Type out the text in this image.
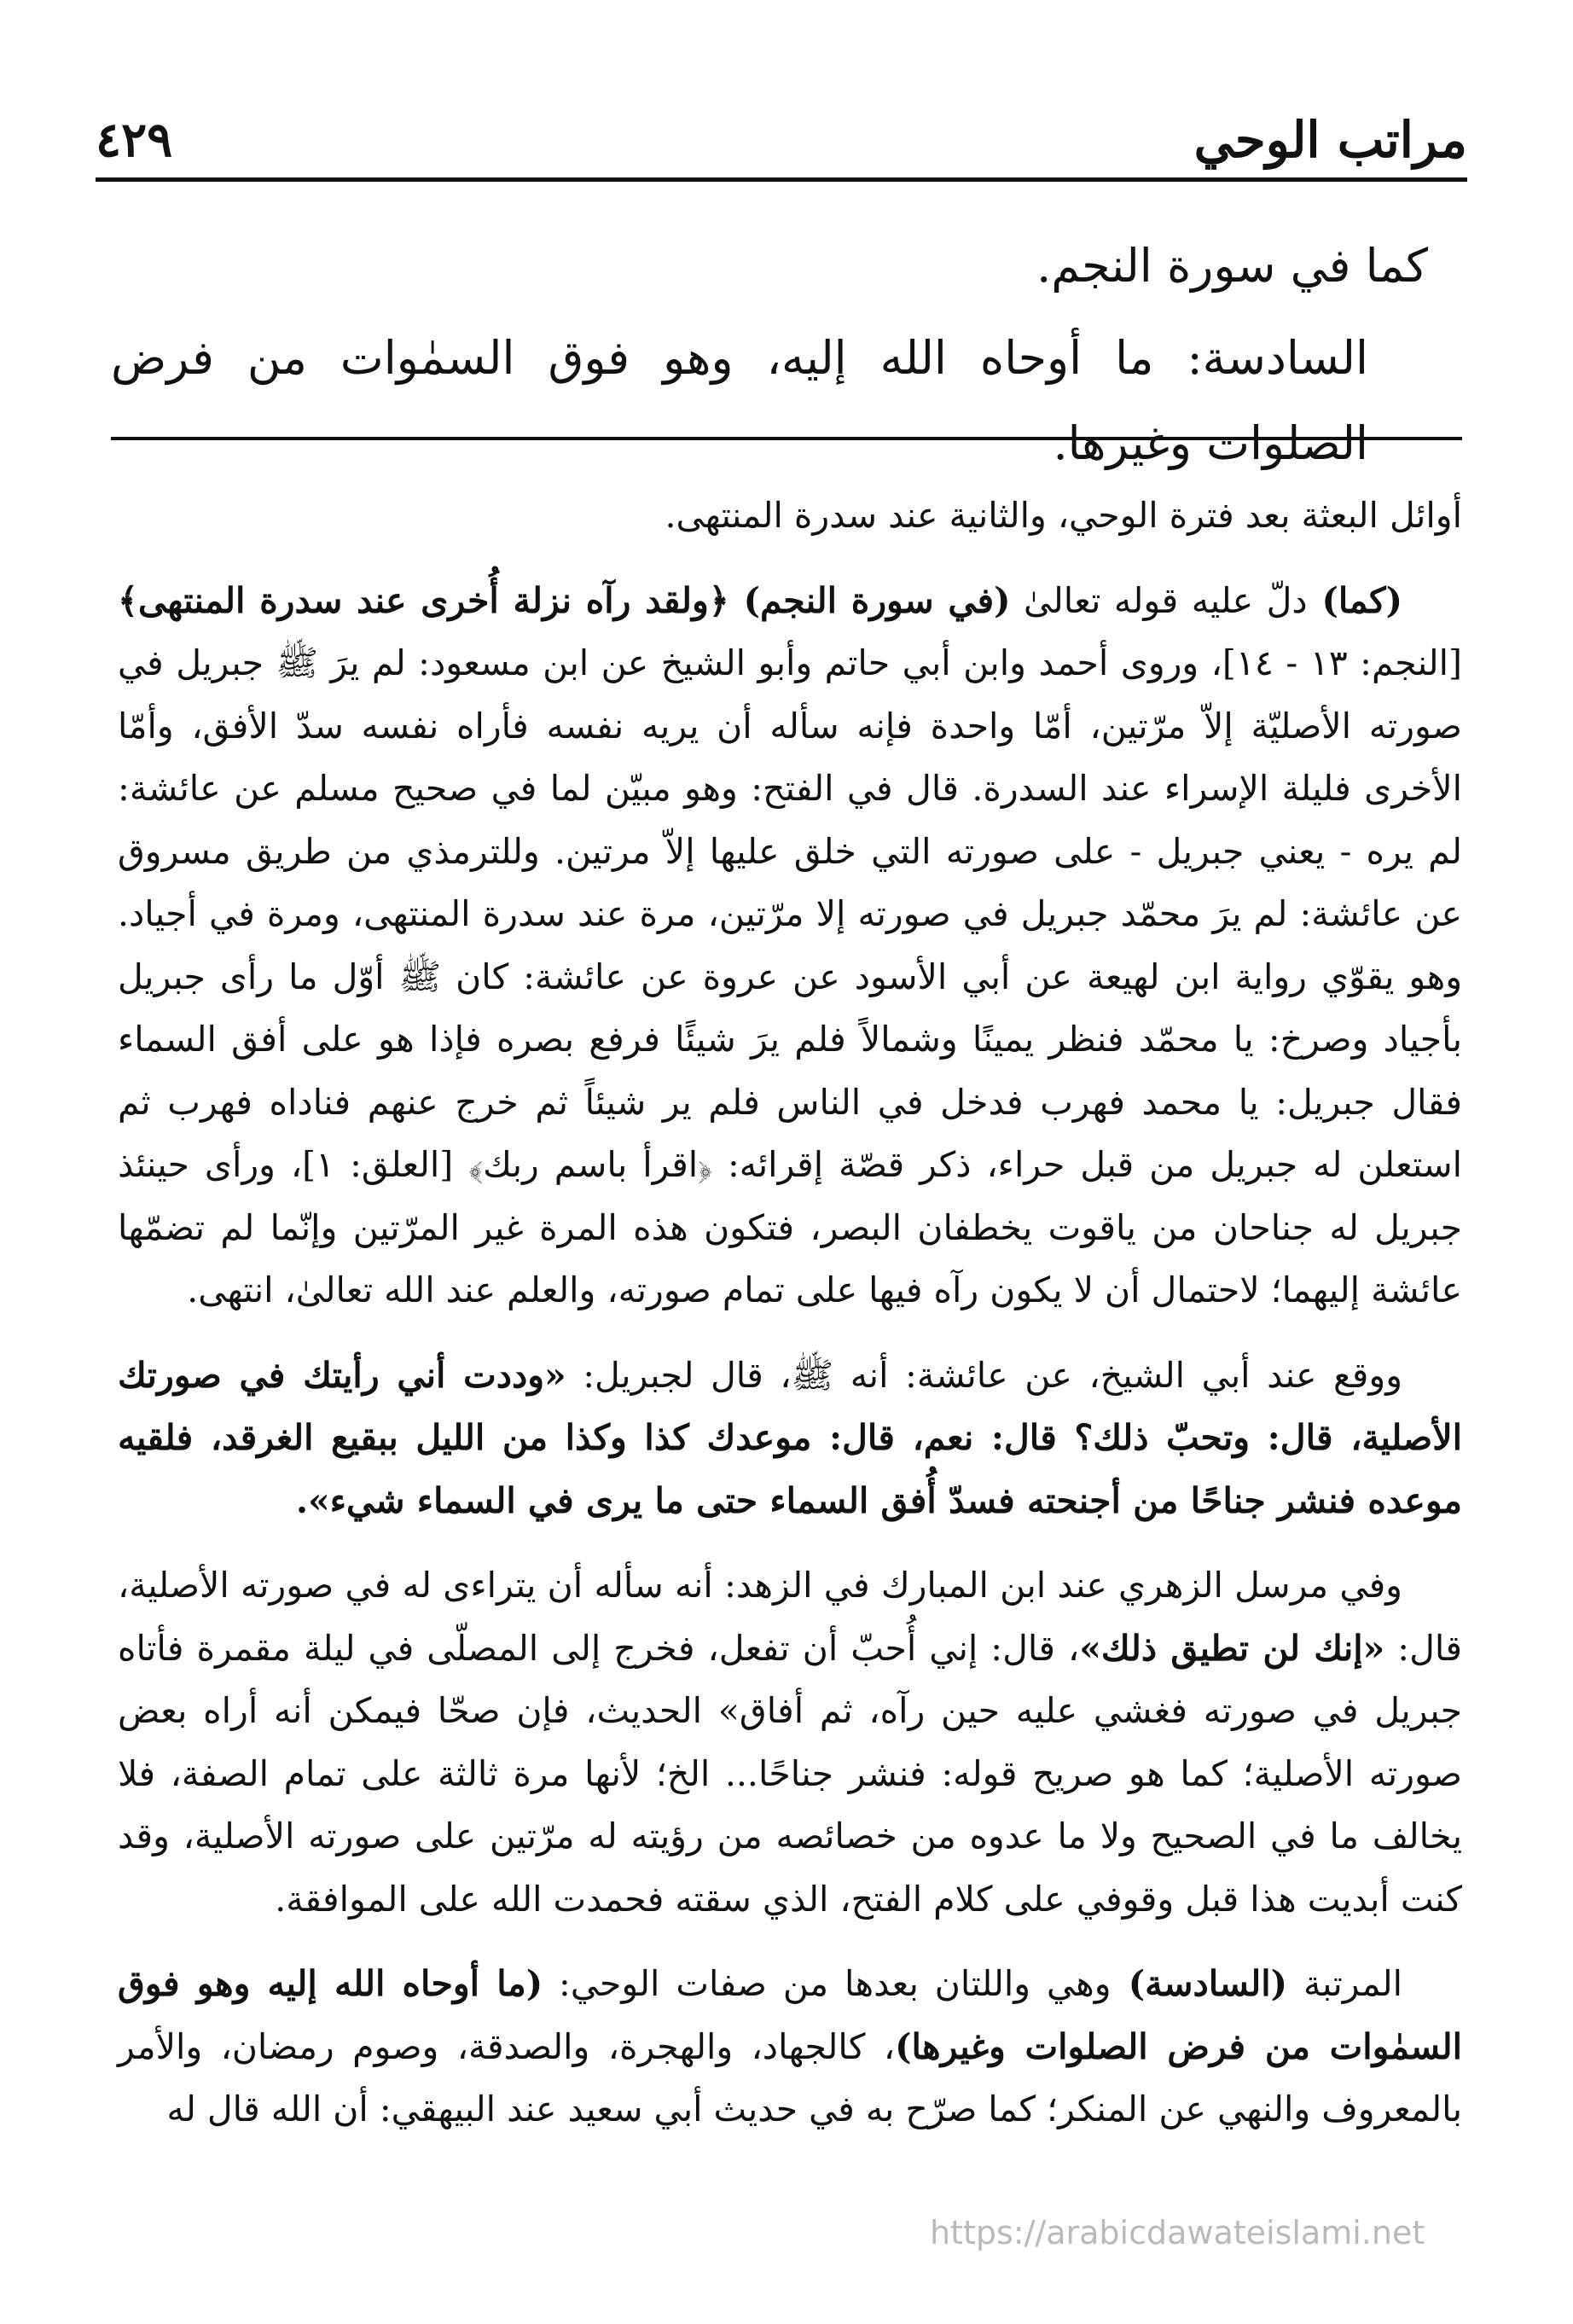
مراتب الوحي
٤٢٩

كما في سورة النجم.

السادسة: ما أوحاه الله إليه، وهو فوق السمٰوات من فرض الصلوات وغيرها.

أوائل البعثة بعد فترة الوحي، والثانية عند سدرة المنتهى.

(كما) دلّ عليه قوله تعالىٰ (في سورة النجم) ﴿ولقد رآه نزلة أُخرى عند سدرة المنتهى﴾ [النجم: ١٣ - ١٤]، وروى أحمد وابن أبي حاتم وأبو الشيخ عن ابن مسعود: لم يرَ ﷺ جبريل في صورته الأصليّة إلاّ مرّتين، أمّا واحدة فإنه سأله أن يريه نفسه فأراه نفسه سدّ الأفق، وأمّا الأخرى فليلة الإسراء عند السدرة. قال في الفتح: وهو مبيّن لما في صحيح مسلم عن عائشة: لم يره - يعني جبريل - على صورته التي خلق عليها إلاّ مرتين. وللترمذي من طريق مسروق عن عائشة: لم يرَ محمّد جبريل في صورته إلا مرّتين، مرة عند سدرة المنتهى، ومرة في أجياد. وهو يقوّي رواية ابن لهيعة عن أبي الأسود عن عروة عن عائشة: كان ﷺ أوّل ما رأى جبريل بأجياد وصرخ: يا محمّد فنظر يمينًا وشمالاً فلم يرَ شيئًا فرفع بصره فإذا هو على أفق السماء فقال جبريل: يا محمد فهرب فدخل في الناس فلم ير شيئاً ثم خرج عنهم فناداه فهرب ثم استعلن له جبريل من قبل حراء، ذكر قصّة إقرائه: ﴿اقرأ باسم ربك﴾ [العلق: ١]، ورأى حينئذ جبريل له جناحان من ياقوت يخطفان البصر، فتكون هذه المرة غير المرّتين وإنّما لم تضمّها عائشة إليهما؛ لاحتمال أن لا يكون رآه فيها على تمام صورته، والعلم عند الله تعالىٰ، انتهى.

ووقع عند أبي الشيخ، عن عائشة: أنه ﷺ، قال لجبريل: «وددت أني رأيتك في صورتك الأصلية، قال: وتحبّ ذلك؟ قال: نعم، قال: موعدك كذا وكذا من الليل ببقيع الغرقد، فلقيه موعده فنشر جناحًا من أجنحته فسدّ أُفق السماء حتى ما يرى في السماء شيء».

وفي مرسل الزهري عند ابن المبارك في الزهد: أنه سأله أن يتراءى له في صورته الأصلية، قال: «إنك لن تطيق ذلك»، قال: إني أُحبّ أن تفعل، فخرج إلى المصلّى في ليلة مقمرة فأتاه جبريل في صورته فغشي عليه حين رآه، ثم أفاق» الحديث، فإن صحّا فيمكن أنه أراه بعض صورته الأصلية؛ كما هو صريح قوله: فنشر جناحًا... الخ؛ لأنها مرة ثالثة على تمام الصفة، فلا يخالف ما في الصحيح ولا ما عدوه من خصائصه من رؤيته له مرّتين على صورته الأصلية، وقد كنت أبديت هذا قبل وقوفي على كلام الفتح، الذي سقته فحمدت الله على الموافقة.

المرتبة (السادسة) وهي واللتان بعدها من صفات الوحي: (ما أوحاه الله إليه وهو فوق السمٰوات من فرض الصلوات وغيرها)، كالجهاد، والهجرة، والصدقة، وصوم رمضان، والأمر بالمعروف والنهي عن المنكر؛ كما صرّح به في حديث أبي سعيد عند البيهقي: أن الله قال له

https://arabicdawateislami.net
